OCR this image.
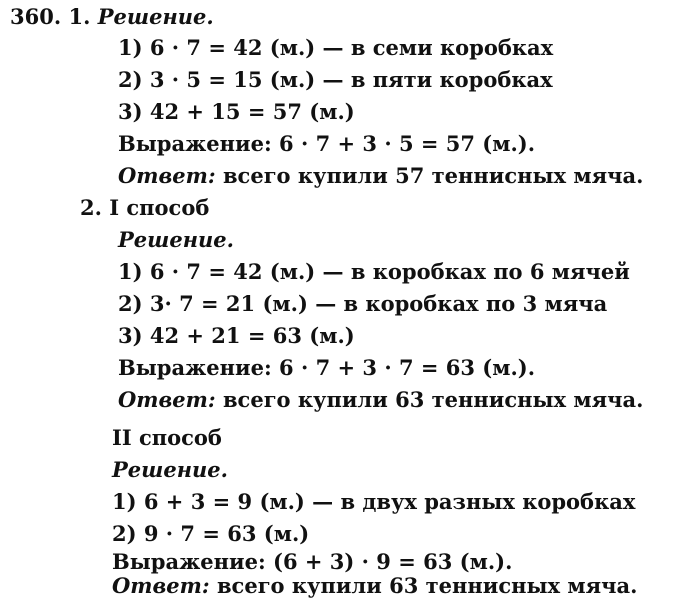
360. 1. Решение.
1) 6 · 7 = 42 (м.) — в семи коробках
2) 3 · 5 = 15 (м.) — в пяти коробках
3) 42 + 15 = 57 (м.)
Выражение: 6 · 7 + 3 · 5 = 57 (м.).
Ответ: всего купили 57 теннисных мяча.
2. I способ
Решение.
1) 6 · 7 = 42 (м.) — в коробках по 6 мячей
2) 3· 7 = 21 (м.) — в коробках по 3 мяча
3) 42 + 21 = 63 (м.)
Выражение: 6 · 7 + 3 · 7 = 63 (м.).
Ответ: всего купили 63 теннисных мяча.
II способ
Решение.
1) 6 + 3 = 9 (м.) — в двух разных коробках
2) 9 · 7 = 63 (м.)
Выражение: (6 + 3) · 9 = 63 (м.).
Ответ: всего купили 63 теннисных мяча.
